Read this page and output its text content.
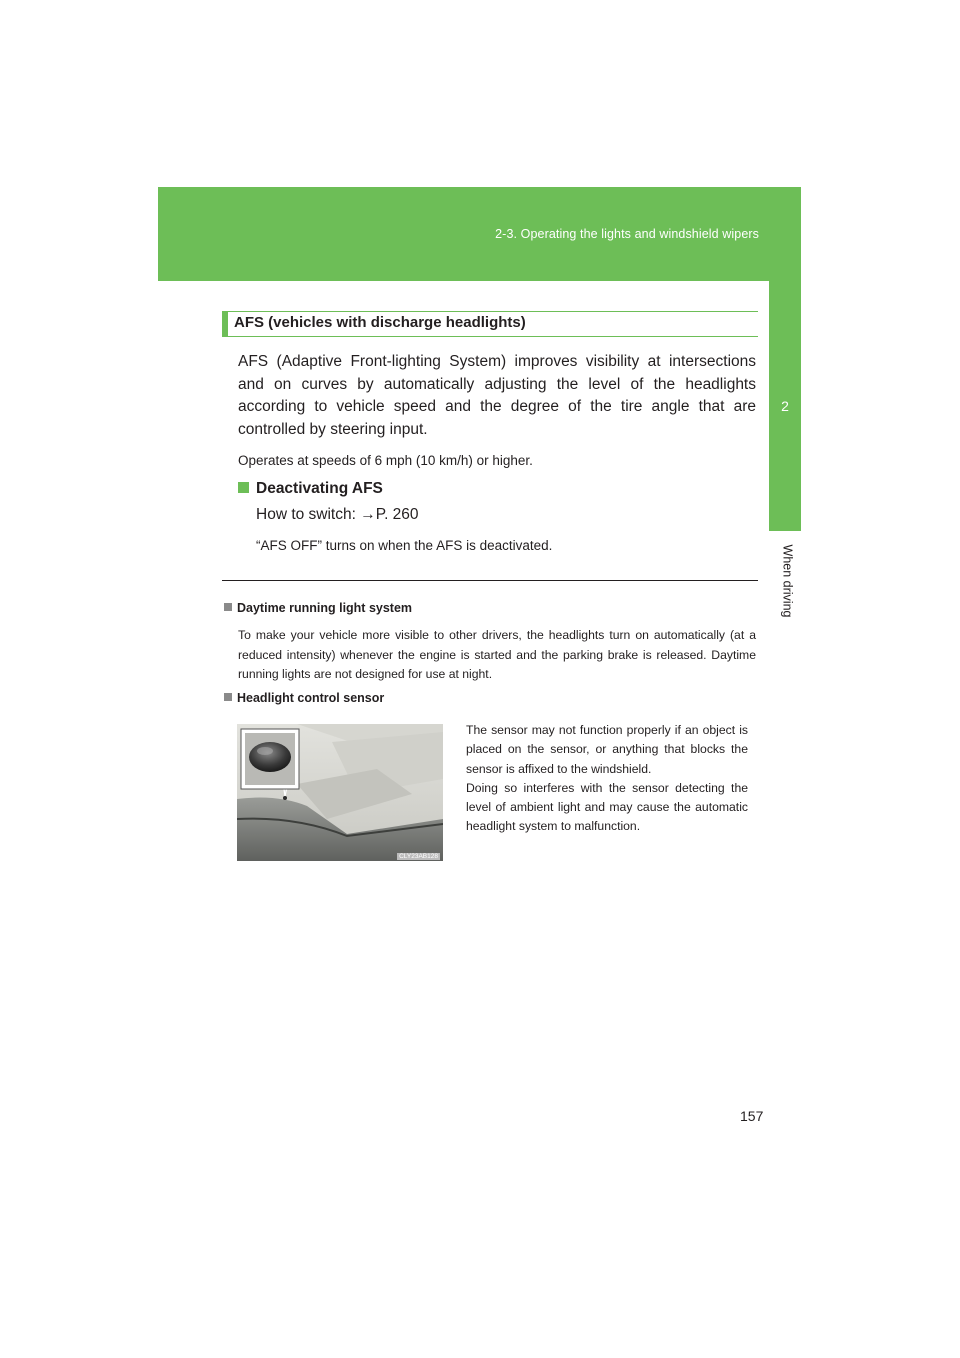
2-3. Operating the lights and windshield wipers
2
When driving
AFS (vehicles with discharge headlights)
AFS (Adaptive Front-lighting System) improves visibility at intersections and on curves by automatically adjusting the level of the headlights according to vehicle speed and the degree of the tire angle that are controlled by steering input.
Operates at speeds of 6 mph (10 km/h) or higher.
Deactivating AFS
How to switch: →P. 260
“AFS OFF” turns on when the AFS is deactivated.
Daytime running light system
To make your vehicle more visible to other drivers, the headlights turn on automatically (at a reduced intensity) whenever the engine is started and the parking brake is released. Daytime running lights are not designed for use at night.
Headlight control sensor
CLY23AB128

The sensor may not function properly if an object is placed on the sensor, or anything that blocks the sensor is affixed to the windshield.

Doing so interferes with the sensor detecting the level of ambient light and may cause the automatic headlight system to malfunction.

157
